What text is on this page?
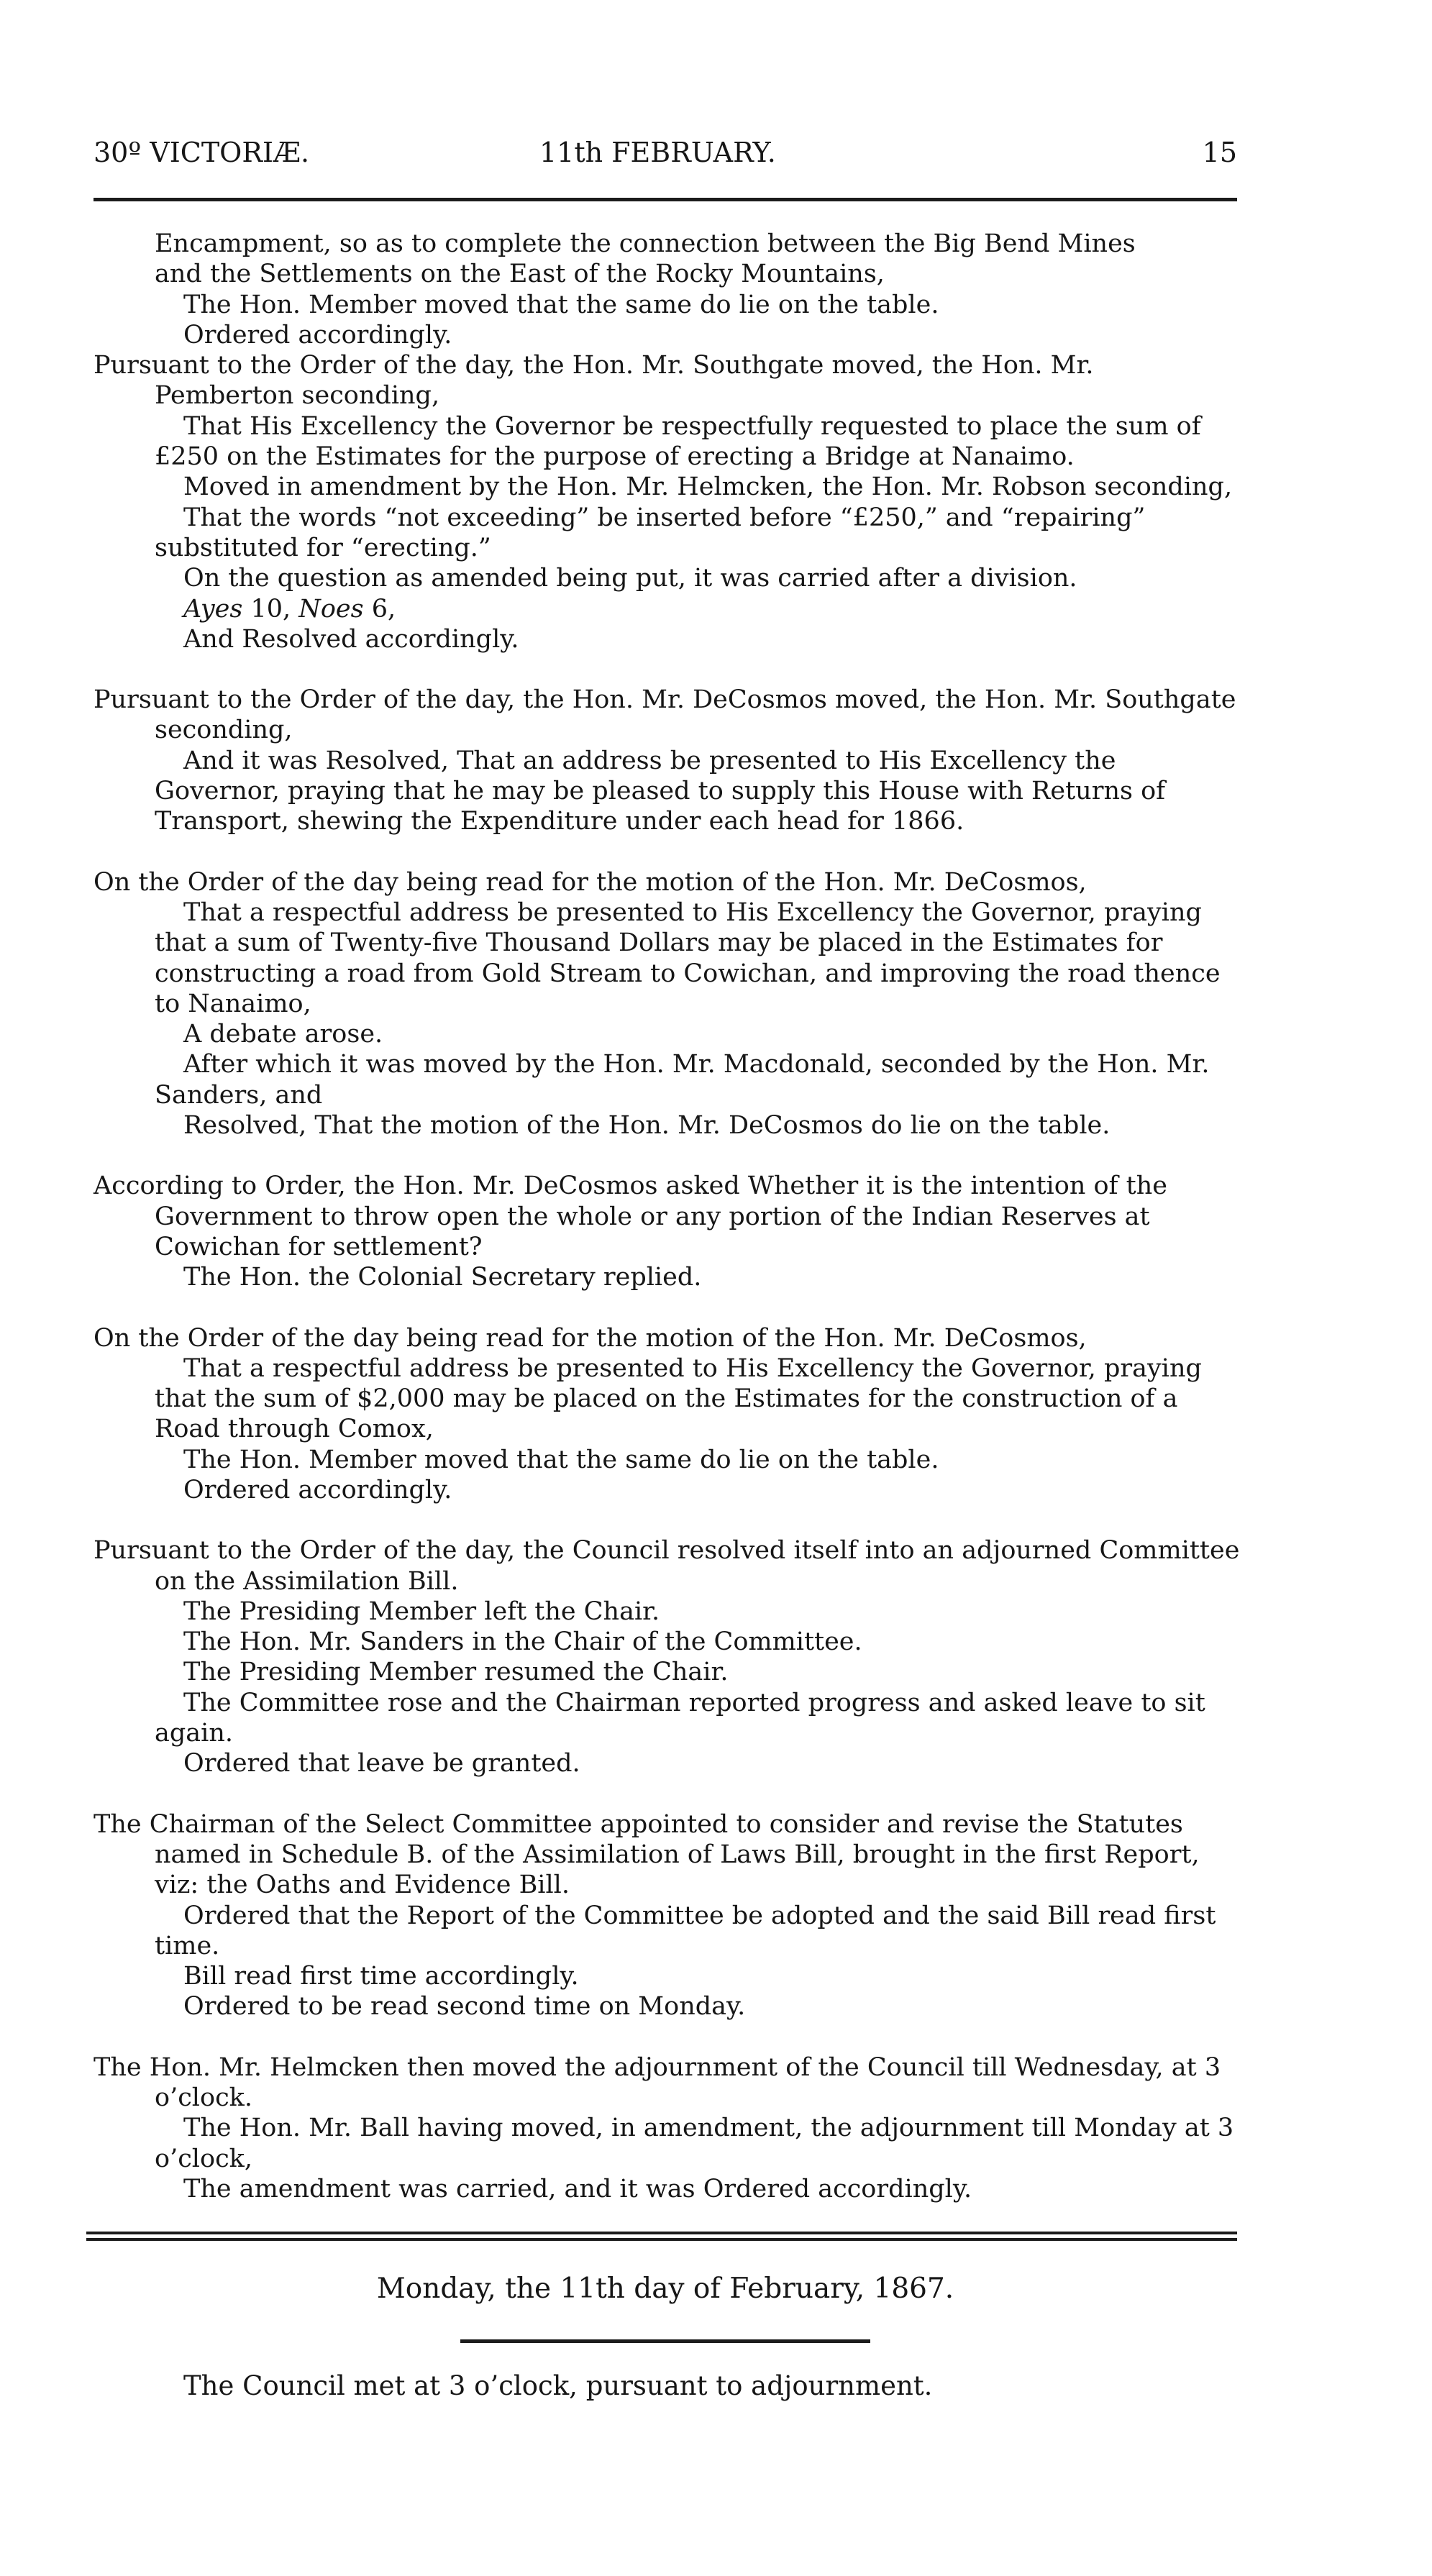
30º VICTORIÆ.	11th FEBRUARY.	15

Encampment, so as to complete the connection between the Big Bend Mines

and the Settlements on the East of the Rocky Mountains,

The Hon. Member moved that the same do lie on the table.

Ordered accordingly.

Pursuant to the Order of the day, the Hon. Mr. Southgate moved, the Hon. Mr. Pemberton seconding,

That His Excellency the Governor be respectfully requested to place the sum of £250 on the Estimates for the purpose of erecting a Bridge at Nanaimo.

Moved in amendment by the Hon. Mr. Helmcken, the Hon. Mr. Robson seconding,

That the words “not exceeding” be inserted before “£250,” and “repairing” substituted for “erecting.”

On the question as amended being put, it was carried after a division.

Ayes 10, Noes 6,

And Resolved accordingly.

Pursuant to the Order of the day, the Hon. Mr. DeCosmos moved, the Hon. Mr. Southgate seconding,

And it was Resolved, That an address be presented to His Excellency the Governor, praying that he may be pleased to supply this House with Returns of Transport, shewing the Expenditure under each head for 1866.

On the Order of the day being read for the motion of the Hon. Mr. DeCosmos,

That a respectful address be presented to His Excellency the Governor, praying that a sum of Twenty-five Thousand Dollars may be placed in the Estimates for constructing a road from Gold Stream to Cowichan, and improving the road thence to Nanaimo,

A debate arose.

After which it was moved by the Hon. Mr. Macdonald, seconded by the Hon. Mr. Sanders, and

Resolved, That the motion of the Hon. Mr. DeCosmos do lie on the table.

According to Order, the Hon. Mr. DeCosmos asked Whether it is the intention of the Government to throw open the whole or any portion of the Indian Reserves at Cowichan for settlement?

The Hon. the Colonial Secretary replied.

On the Order of the day being read for the motion of the Hon. Mr. DeCosmos,

That a respectful address be presented to His Excellency the Governor, praying that the sum of $2,000 may be placed on the Estimates for the construction of a Road through Comox,

The Hon. Member moved that the same do lie on the table.

Ordered accordingly.

Pursuant to the Order of the day, the Council resolved itself into an adjourned Committee on the Assimilation Bill.

The Presiding Member left the Chair.

The Hon. Mr. Sanders in the Chair of the Committee.

The Presiding Member resumed the Chair.

The Committee rose and the Chairman reported progress and asked leave to sit again.

Ordered that leave be granted.

The Chairman of the Select Committee appointed to consider and revise the Statutes named in Schedule B. of the Assimilation of Laws Bill, brought in the first Report, viz: the Oaths and Evidence Bill.

Ordered that the Report of the Committee be adopted and the said Bill read first time.

Bill read first time accordingly.

Ordered to be read second time on Monday.

The Hon. Mr. Helmcken then moved the adjournment of the Council till Wednesday, at 3 o’clock.

The Hon. Mr. Ball having moved, in amendment, the adjournment till Monday at 3 o’clock,

The amendment was carried, and it was Ordered accordingly.

Monday, the 11th day of February, 1867.
The Council met at 3 o’clock, pursuant to adjournment.
